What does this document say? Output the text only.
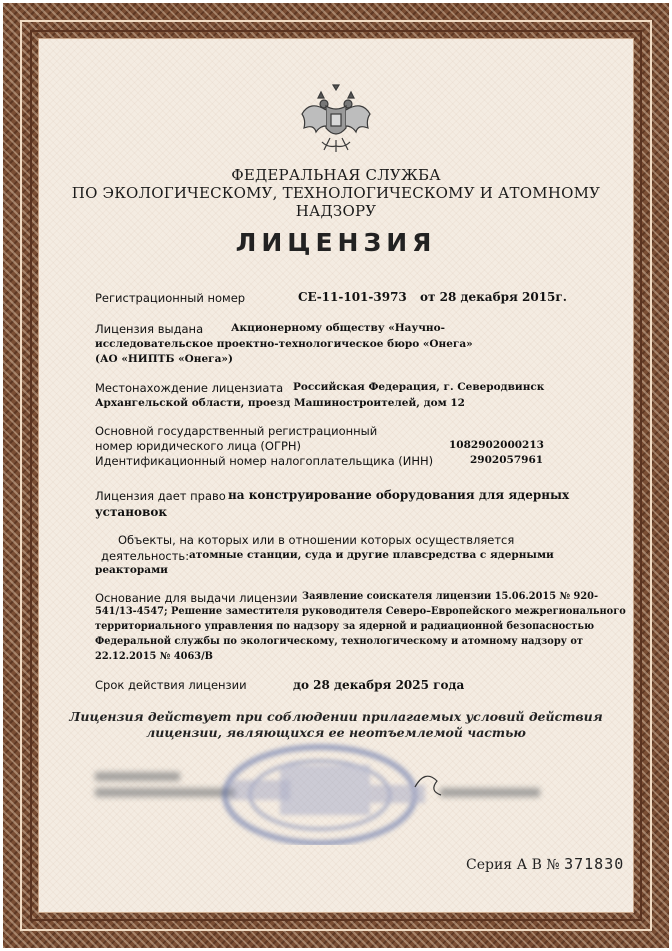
ФЕДЕРАЛЬНАЯ СЛУЖБА
ПО ЭКОЛОГИЧЕСКОМУ, ТЕХНОЛОГИЧЕСКОМУ И АТОМНОМУ НАДЗОРУ
ЛИЦЕНЗИЯ
Регистрационный номер	СЕ-11-101-3973 от 28 декабря 2015г.
Лицензия выдана	Акционерному обществу «Научно-
исследовательское проектно-технологическое бюро «Онега»
(АО «НИПТБ «Онега»)
Местонахождение лицензиата Российская Федерация, г. Северодвинск
Архангельской области, проезд Машиностроителей, дом 12
Основной государственный регистрационный
номер юридического лица (ОГРН)	1082902000213
Идентификационный номер налогоплательщика (ИНН)	2902057961
Лицензия дает право на конструирование оборудования для ядерных
установок
Объекты, на которых или в отношении которых осуществляется
деятельность: атомные станции, суда и другие плавсредства с ядерными
реакторами
Основание для выдачи лицензии Заявление соискателя лицензии 15.06.2015 № 920-
541/13-4547; Решение заместителя руководителя Северо–Европейского межрегионального
территориального управления по надзору за ядерной и радиационной безопасностью
Федеральной службы по экологическому, технологическому и атомному надзору от
22.12.2015 № 4063/В
Срок действия лицензии	до 28 декабря 2025 года
Лицензия действует при соблюдении прилагаемых условий действия
лицензии, являющихся ее неотъемлемой частью
Серия А В № 371830
